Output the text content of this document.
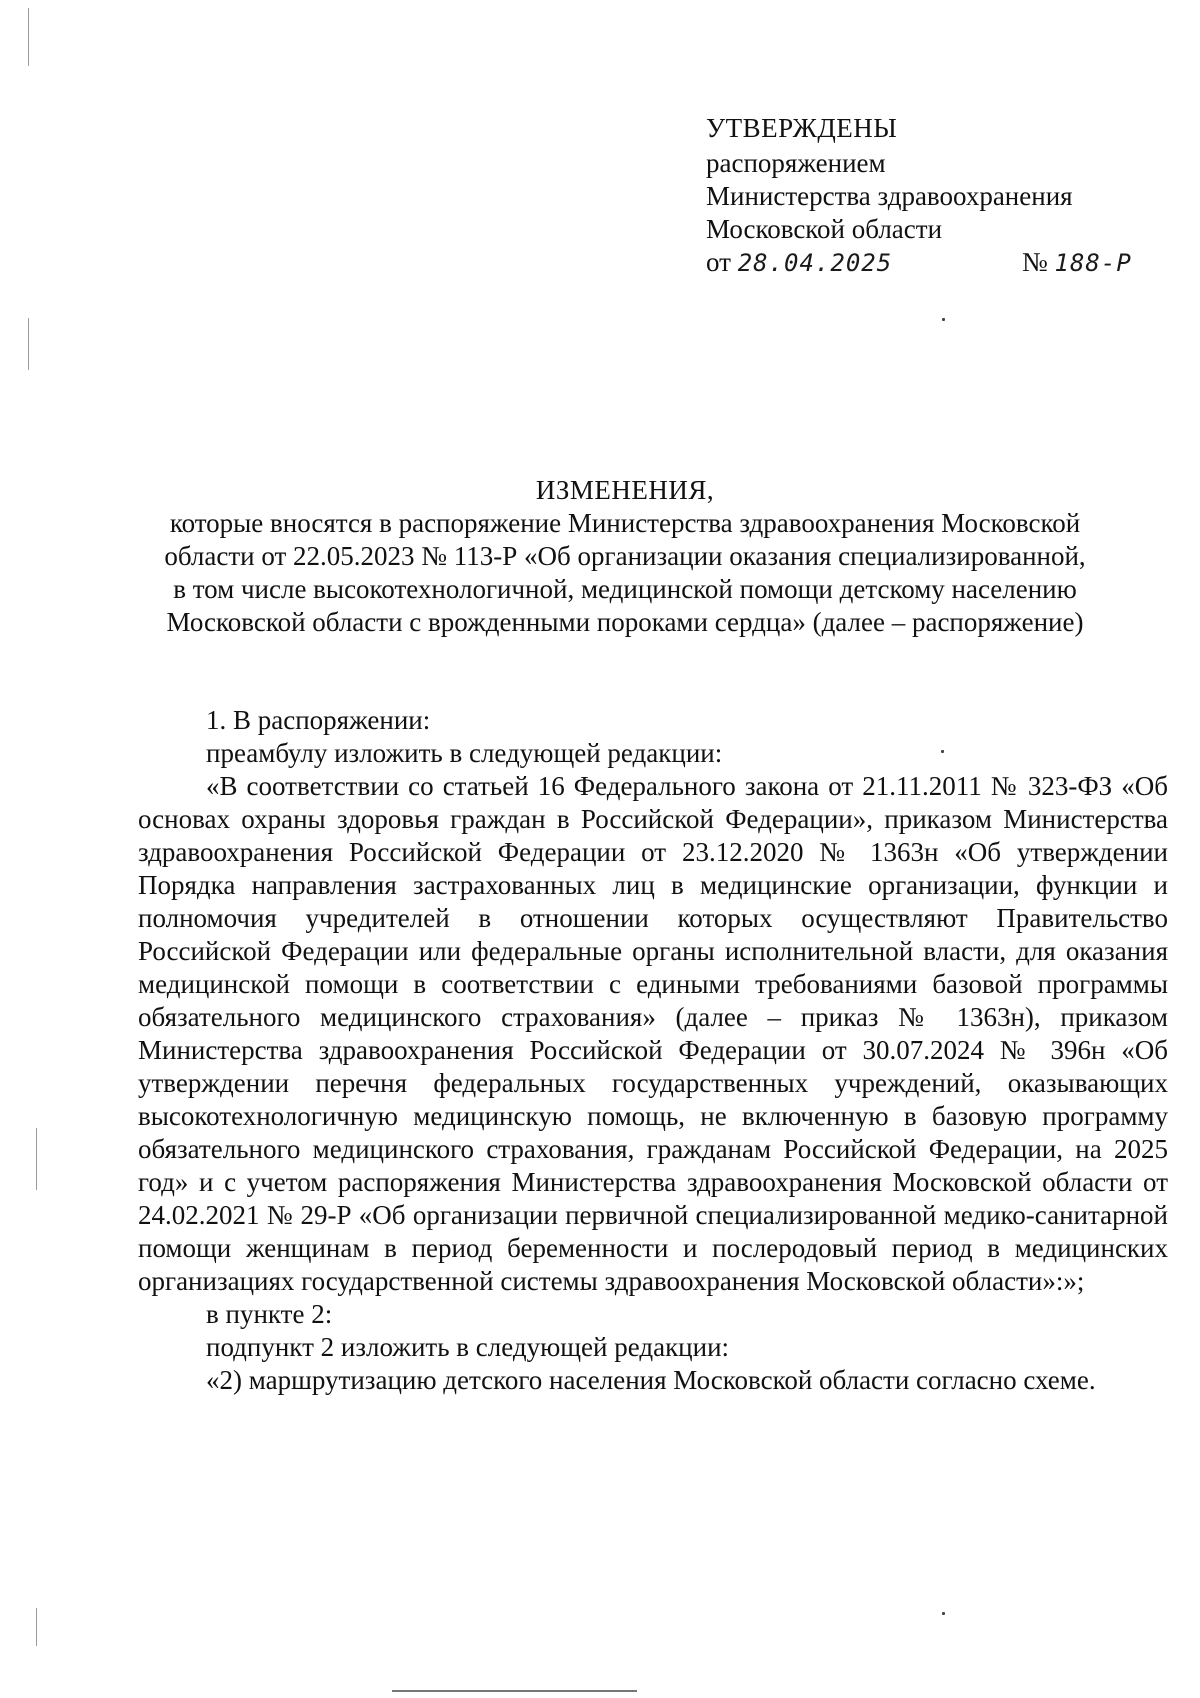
УТВЕРЖДЕНЫ
распоряжением
Министерства здравоохранения
Московской области
от 28.04.2025	№ 188-Р
ИЗМЕНЕНИЯ,
которые вносятся в распоряжение Министерства здравоохранения Московской
области от 22.05.2023 № 113-Р «Об организации оказания специализированной,
в том числе высокотехнологичной, медицинской помощи детскому населению
Московской области с врожденными пороками сердца» (далее – распоряжение)

1. В распоряжении:

преамбулу изложить в следующей редакции:

«В соответствии со статьей 16 Федерального закона от 21.11.2011 № 323-ФЗ «Об основах охраны здоровья граждан в Российской Федерации», приказом Министерства здравоохранения Российской Федерации от 23.12.2020 № 1363н «Об утверждении Порядка направления застрахованных лиц в медицинские организации, функции и полномочия учредителей в отношении которых осуществляют Правительство Российской Федерации или федеральные органы исполнительной власти, для оказания медицинской помощи в соответствии с едиными требованиями базовой программы обязательного медицинского страхования» (далее – приказ № 1363н), приказом Министерства здравоохранения Российской Федерации от 30.07.2024 № 396н «Об утверждении перечня федеральных государственных учреждений, оказывающих высокотехнологичную медицинскую помощь, не включенную в базовую программу обязательного медицинского страхования, гражданам Российской Федерации, на 2025 год» и с учетом распоряжения Министерства здравоохранения Московской области от 24.02.2021 № 29-Р «Об организации первичной специализированной медико-санитарной помощи женщинам в период беременности и послеродовый период в медицинских организациях государственной системы здравоохранения Московской области»:»;

в пункте 2:

подпункт 2 изложить в следующей редакции:

«2) маршрутизацию детского населения Московской области согласно схеме.
